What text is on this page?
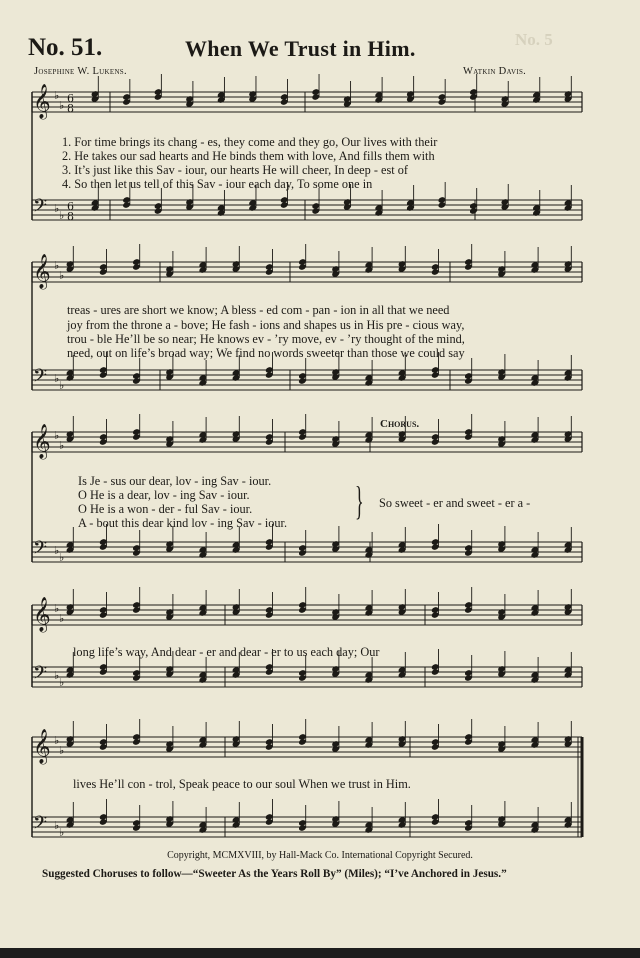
No. 5
No. 51.	When We Trust in Him.
Josephine W. Lukens.	Watkin Davis.
𝄞 ♭
♭
6
8
𝄢 ♭
♭
6
8
𝄞 ♭
♭
𝄢 ♭
♭
𝄞 ♭
♭
𝄢 ♭
♭
𝄞 ♭
♭
𝄢 ♭
♭
𝄞 ♭
♭
𝄢 ♭
♭
1. For time brings its chang - es, they come and they go, Our lives with their
2. He takes our sad hearts and He binds them with love, And fills them with
3. It’s just like this Sav - iour, our hearts He will cheer, In deep - est of
4. So then let us tell of this Sav - iour each day, To some one in
treas - ures are short we know; A bless - ed com - pan - ion in all that we need
joy from the throne a - bove; He fash - ions and shapes us in His pre - cious way,
trou - ble He’ll be so near; He knows ev - ’ry move, ev - ’ry thought of the mind,
need, out on life’s broad way; We find no words sweeter than those we could say
Chorus.
Is Je - sus our dear, lov - ing Sav - iour.
O He is a dear, lov - ing Sav - iour.
O He is a won - der - ful Sav - iour.
A - bout this dear kind lov - ing Sav - iour. } So sweet - er and sweet - er a -
long life’s way, And dear - er and dear - er to us each day; Our
lives He’ll con - trol, Speak peace to our soul When we trust in Him.
Copyright, MCMXVIII, by Hall-Mack Co. International Copyright Secured.
Suggested Choruses to follow—“Sweeter As the Years Roll By” (Miles); “I’ve Anchored in Jesus.”
